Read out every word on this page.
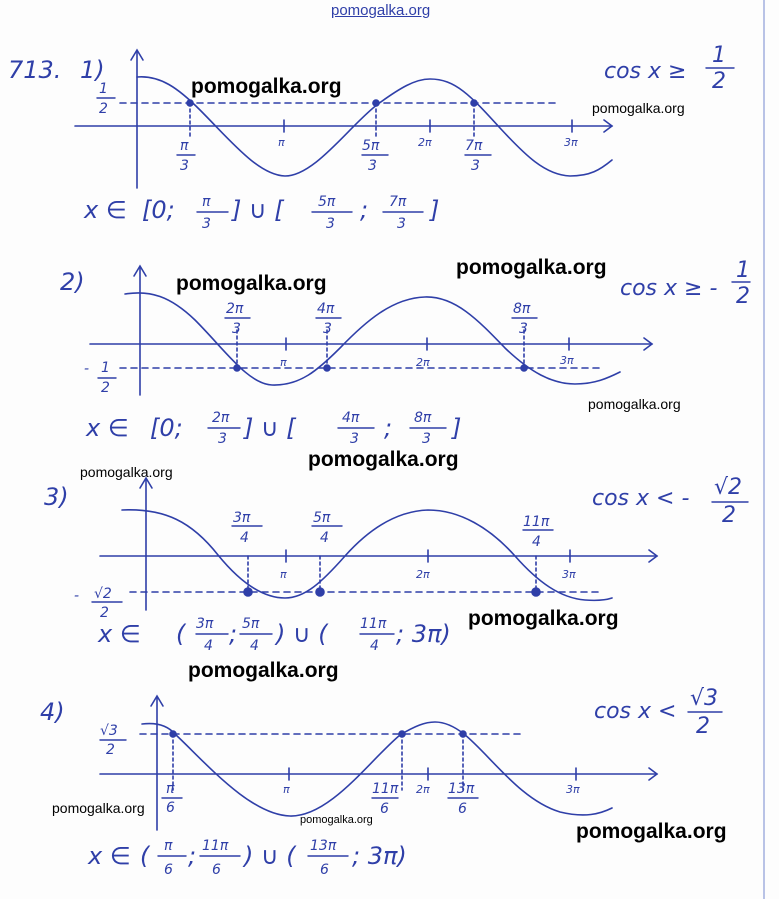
pomogalka.org
713. 1)
1
2
cos x ≥
1
2
π
3
π	5π
3
2π 7π
3
3π
x ∈ [0; π
3 ] ∪ [ 5π
3 ; 7π
3 ]
2)
- 1
2
cos x ≥ -
1
2
2π
3
4π
3
8π
3
π	2π	3π
x ∈ [0; 2π
3 ] ∪ [	4π
3 ; 8π
3 ]
3)
- √2
2
cos x < - √2
2
3π
4
5π
4
11π
4
π	2π	3π
x ∈ ( 3π
4 ; 5π
4 ) ∪ ( 11π
4 ; 3π)
4)
√3
2
cos x <
√3
2
π
6
π	11π
6
2π 13π
6
3π
x ∈ ( π
6 ; 11π
6 ) ∪ ( 13π
6 ; 3π)
pomogalka.org
pomogalka.org
pomogalka.org
pomogalka.org
pomogalka.org
pomogalka.org
pomogalka.org
pomogalka.org
pomogalka.org
pomogalka.org
pomogalka.org	pomogalka.org
